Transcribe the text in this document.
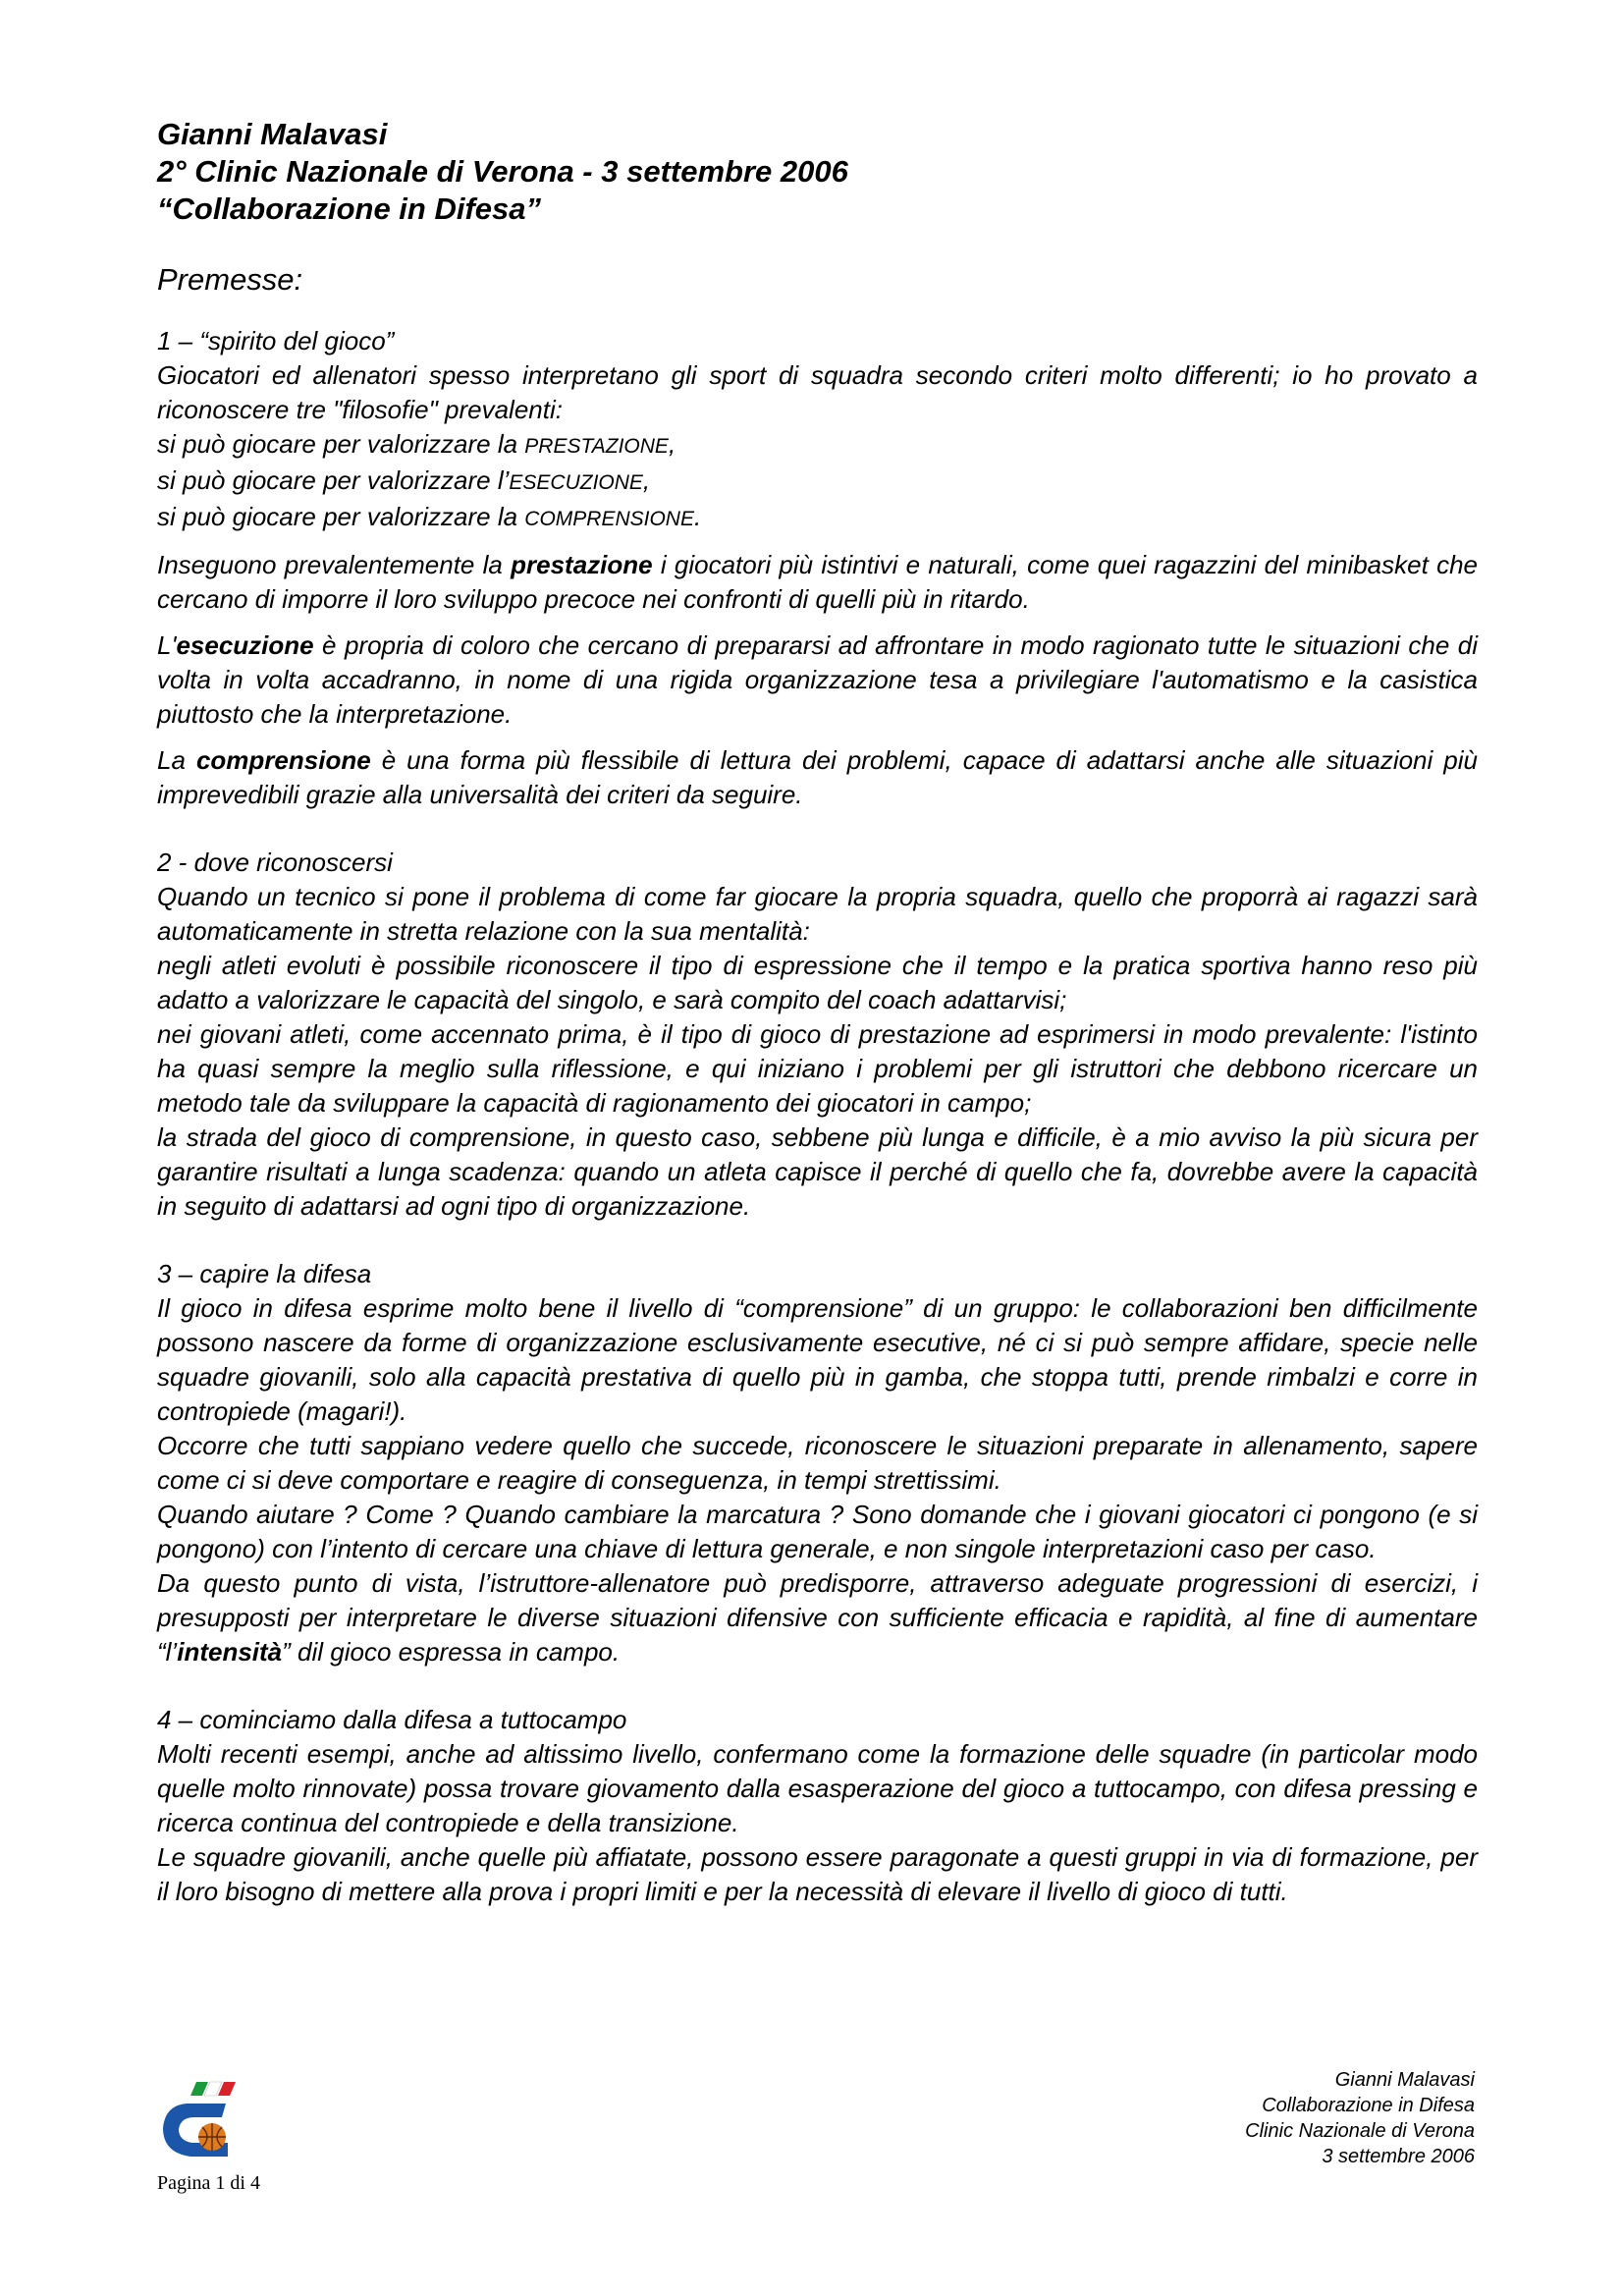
Gianni Malavasi

2° Clinic Nazionale di Verona - 3 settembre 2006

“Collaborazione in Difesa”

Premesse:

1 – “spirito del gioco”

Giocatori ed allenatori spesso interpretano gli sport di squadra secondo criteri molto differenti; io ho provato a riconoscere tre "filosofie" prevalenti:

si può giocare per valorizzare la PRESTAZIONE,

si può giocare per valorizzare l’ESECUZIONE,

si può giocare per valorizzare la COMPRENSIONE.

Inseguono prevalentemente la prestazione i giocatori più istintivi e naturali, come quei ragazzini del minibasket che cercano di imporre il loro sviluppo precoce nei confronti di quelli più in ritardo.

L'esecuzione è propria di coloro che cercano di prepararsi ad affrontare in modo ragionato tutte le situazioni che di volta in volta accadranno, in nome di una rigida organizzazione tesa a privilegiare l'automatismo e la casistica piuttosto che la interpretazione.

La comprensione è una forma più flessibile di lettura dei problemi, capace di adattarsi anche alle situazioni più imprevedibili grazie alla universalità dei criteri da seguire.

2 - dove riconoscersi

Quando un tecnico si pone il problema di come far giocare la propria squadra, quello che proporrà ai ragazzi sarà automaticamente in stretta relazione con la sua mentalità:

negli atleti evoluti è possibile riconoscere il tipo di espressione che il tempo e la pratica sportiva hanno reso più adatto a valorizzare le capacità del singolo, e sarà compito del coach adattarvisi;

nei giovani atleti, come accennato prima, è il tipo di gioco di prestazione ad esprimersi in modo prevalente: l'istinto ha quasi sempre la meglio sulla riflessione, e qui iniziano i problemi per gli istruttori che debbono ricercare un metodo tale da sviluppare la capacità di ragionamento dei giocatori in campo;

la strada del gioco di comprensione, in questo caso, sebbene più lunga e difficile, è a mio avviso la più sicura per garantire risultati a lunga scadenza: quando un atleta capisce il perché di quello che fa, dovrebbe avere la capacità in seguito di adattarsi ad ogni tipo di organizzazione.

3 – capire la difesa

Il gioco in difesa esprime molto bene il livello di “comprensione” di un gruppo: le collaborazioni ben difficilmente possono nascere da forme di organizzazione esclusivamente esecutive, né ci si può sempre affidare, specie nelle squadre giovanili, solo alla capacità prestativa di quello più in gamba, che stoppa tutti, prende rimbalzi e corre in contropiede (magari!).

Occorre che tutti sappiano vedere quello che succede, riconoscere le situazioni preparate in allenamento, sapere come ci si deve comportare e reagire di conseguenza, in tempi strettissimi.

Quando aiutare ? Come ? Quando cambiare la marcatura ? Sono domande che i giovani giocatori ci pongono (e si pongono) con l’intento di cercare una chiave di lettura generale, e non singole interpretazioni caso per caso.

Da questo punto di vista, l’istruttore-allenatore può predisporre, attraverso adeguate progressioni di esercizi, i presupposti per interpretare le diverse situazioni difensive con sufficiente efficacia e rapidità, al fine di aumentare “l’intensità” dil gioco espressa in campo.

4 – cominciamo dalla difesa a tuttocampo

Molti recenti esempi, anche ad altissimo livello, confermano come la formazione delle squadre (in particolar modo quelle molto rinnovate) possa trovare giovamento dalla esasperazione del gioco a tuttocampo, con difesa pressing e ricerca continua del contropiede e della transizione.

Le squadre giovanili, anche quelle più affiatate, possono essere paragonate a questi gruppi in via di formazione, per il loro bisogno di mettere alla prova i propri limiti e per la necessità di elevare il livello di gioco di tutti.

Pagina 1 di 4
Gianni Malavasi
Collaborazione in Difesa
Clinic Nazionale di Verona
3 settembre 2006
